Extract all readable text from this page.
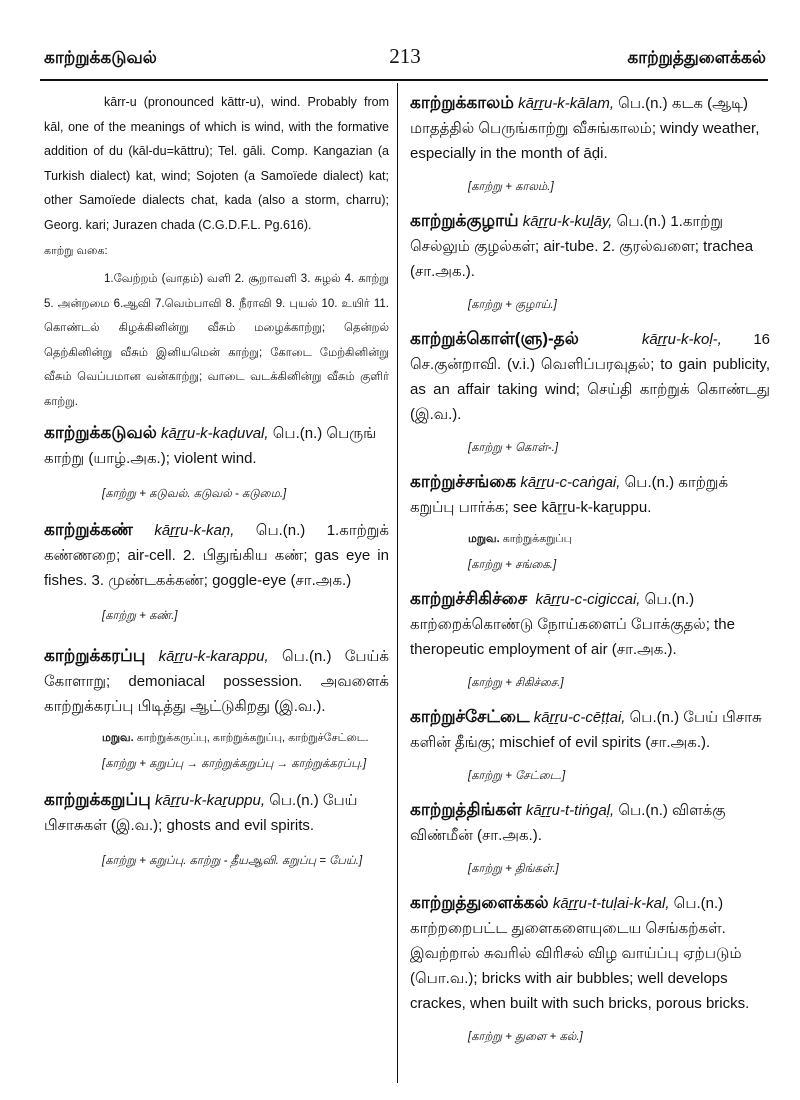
காற்றுக்கடுவல்	213	காற்றுத்துளைக்கல்

kārr-u (pronounced kāttr-u), wind. Probably from kāl, one of the meanings of which is wind, with the formative addition of du (kāl-du=kāttru); Tel. gāli. Comp. Kangazian (a Turkish dialect) kat, wind; Sojoten (a Samoïede dialect) kat; other Samoïede dialects chat, kada (also a storm, charru); Georg. kari; Jurazen chada (C.G.D.F.L. Pg.616).

காற்று வகை:

1.வேற்றம் (வாதம்) வளி 2. சூறாவளி 3. சுழல் 4. காற்று 5. அன்றமை 6.ஆவி 7.வெம்பாவி 8. நீராவி 9. புயல் 10. உயிர் 11. கொண்டல் கிழக்கினின்று வீசும் மழைக்காற்று; தென்றல் தெற்கினின்று வீசும் இனியமென் காற்று; கோடை மேற்கினின்று வீசும் வெப்பமான வன்காற்று; வாடை வடக்கினின்று வீசும் குளிர் காற்று.

காற்றுக்கடுவல் kāṟṟu-k-kaḍuval, பெ.(n.) பெருங் காற்று (யாழ்.அக.); violent wind.

[காற்று + கடுவல். கடுவல் - கடுமை.]

காற்றுக்கண் kāṟṟu-k-kaṇ, பெ.(n.) 1.காற்றுக் கண்ணறை; air-cell. 2. பிதுங்கிய கண்; gas eye in fishes. 3. முண்டகக்கண்; goggle-eye (சா.அக.)

[காற்று + கண்.]

காற்றுக்கரப்பு kāṟṟu-k-karappu, பெ.(n.) பேய்க் கோளாறு; demoniacal possession. அவளைக் காற்றுக்கரப்பு பிடித்து ஆட்டுகிறது (இ.வ.).

மறுவ. காற்றுக்கருப்பு, காற்றுக்கறுப்பு, காற்றுச்சேட்டை.

[காற்று + கறுப்பு → காற்றுக்கறுப்பு → காற்றுக்கரப்பு.]

காற்றுக்கறுப்பு kāṟṟu-k-kaṟuppu, பெ.(n.) பேய் பிசாசுகள் (இ.வ.); ghosts and evil spirits.

[காற்று + கறுப்பு. காற்று - தீயஆவி. கறுப்பு = பேய்.]

காற்றுக்காலம் kāṟṟu-k-kālam, பெ.(n.) கடக (ஆடி) மாதத்தில் பெருங்காற்று வீசுங்காலம்; windy weather, especially in the month of āḍi.

[காற்று + காலம்.]

காற்றுக்குழாய் kāṟṟu-k-kuḻāy, பெ.(n.) 1.காற்று செல்லும் குழல்கள்; air-tube. 2. குரல்வளை; trachea (சா.அக.).

[காற்று + குழாய்.]

காற்றுக்கொள்(ளு)-தல்	kāṟṟu-k-koḷ-, 16 செ.குன்றாவி. (v.i.) வெளிப்பரவுதல்; to gain publicity, as an affair taking wind; செய்தி காற்றுக் கொண்டது (இ.வ.).

[காற்று + கொள்-.]

காற்றுச்சங்கை kāṟṟu-c-caṅgai, பெ.(n.) காற்றுக் கறுப்பு பார்க்க; see kāṟṟu-k-kaṟuppu.

மறுவ. காற்றுக்கறுப்பு

[காற்று + சங்கை.]

காற்றுச்சிகிச்சை kāṟṟu-c-cigiccai, பெ.(n.) காற்றைக்கொண்டு நோய்களைப் போக்குதல்; the theropeutic employment of air (சா.அக.).

[காற்று + சிகிச்சை.]

காற்றுச்சேட்டை kāṟṟu-c-cēṭṭai, பெ.(n.) பேய் பிசாசு களின் தீங்கு; mischief of evil spirits (சா.அக.).

[காற்று + சேட்டை.]

காற்றுத்திங்கள் kāṟṟu-t-tiṅgaḷ, பெ.(n.) விளக்கு விண்மீன் (சா.அக.).

[காற்று + திங்கள்.]

காற்றுத்துளைக்கல் kāṟṟu-t-tuḷai-k-kal, பெ.(n.) காற்றறைபட்ட துளைகளையுடைய செங்கற்கள். இவற்றால் சுவரில் விரிசல் விழ வாய்ப்பு ஏற்படும் (பொ.வ.); bricks with air bubbles; well develops crackes, when built with such bricks, porous bricks.

[காற்று + துளை + கல்.]
